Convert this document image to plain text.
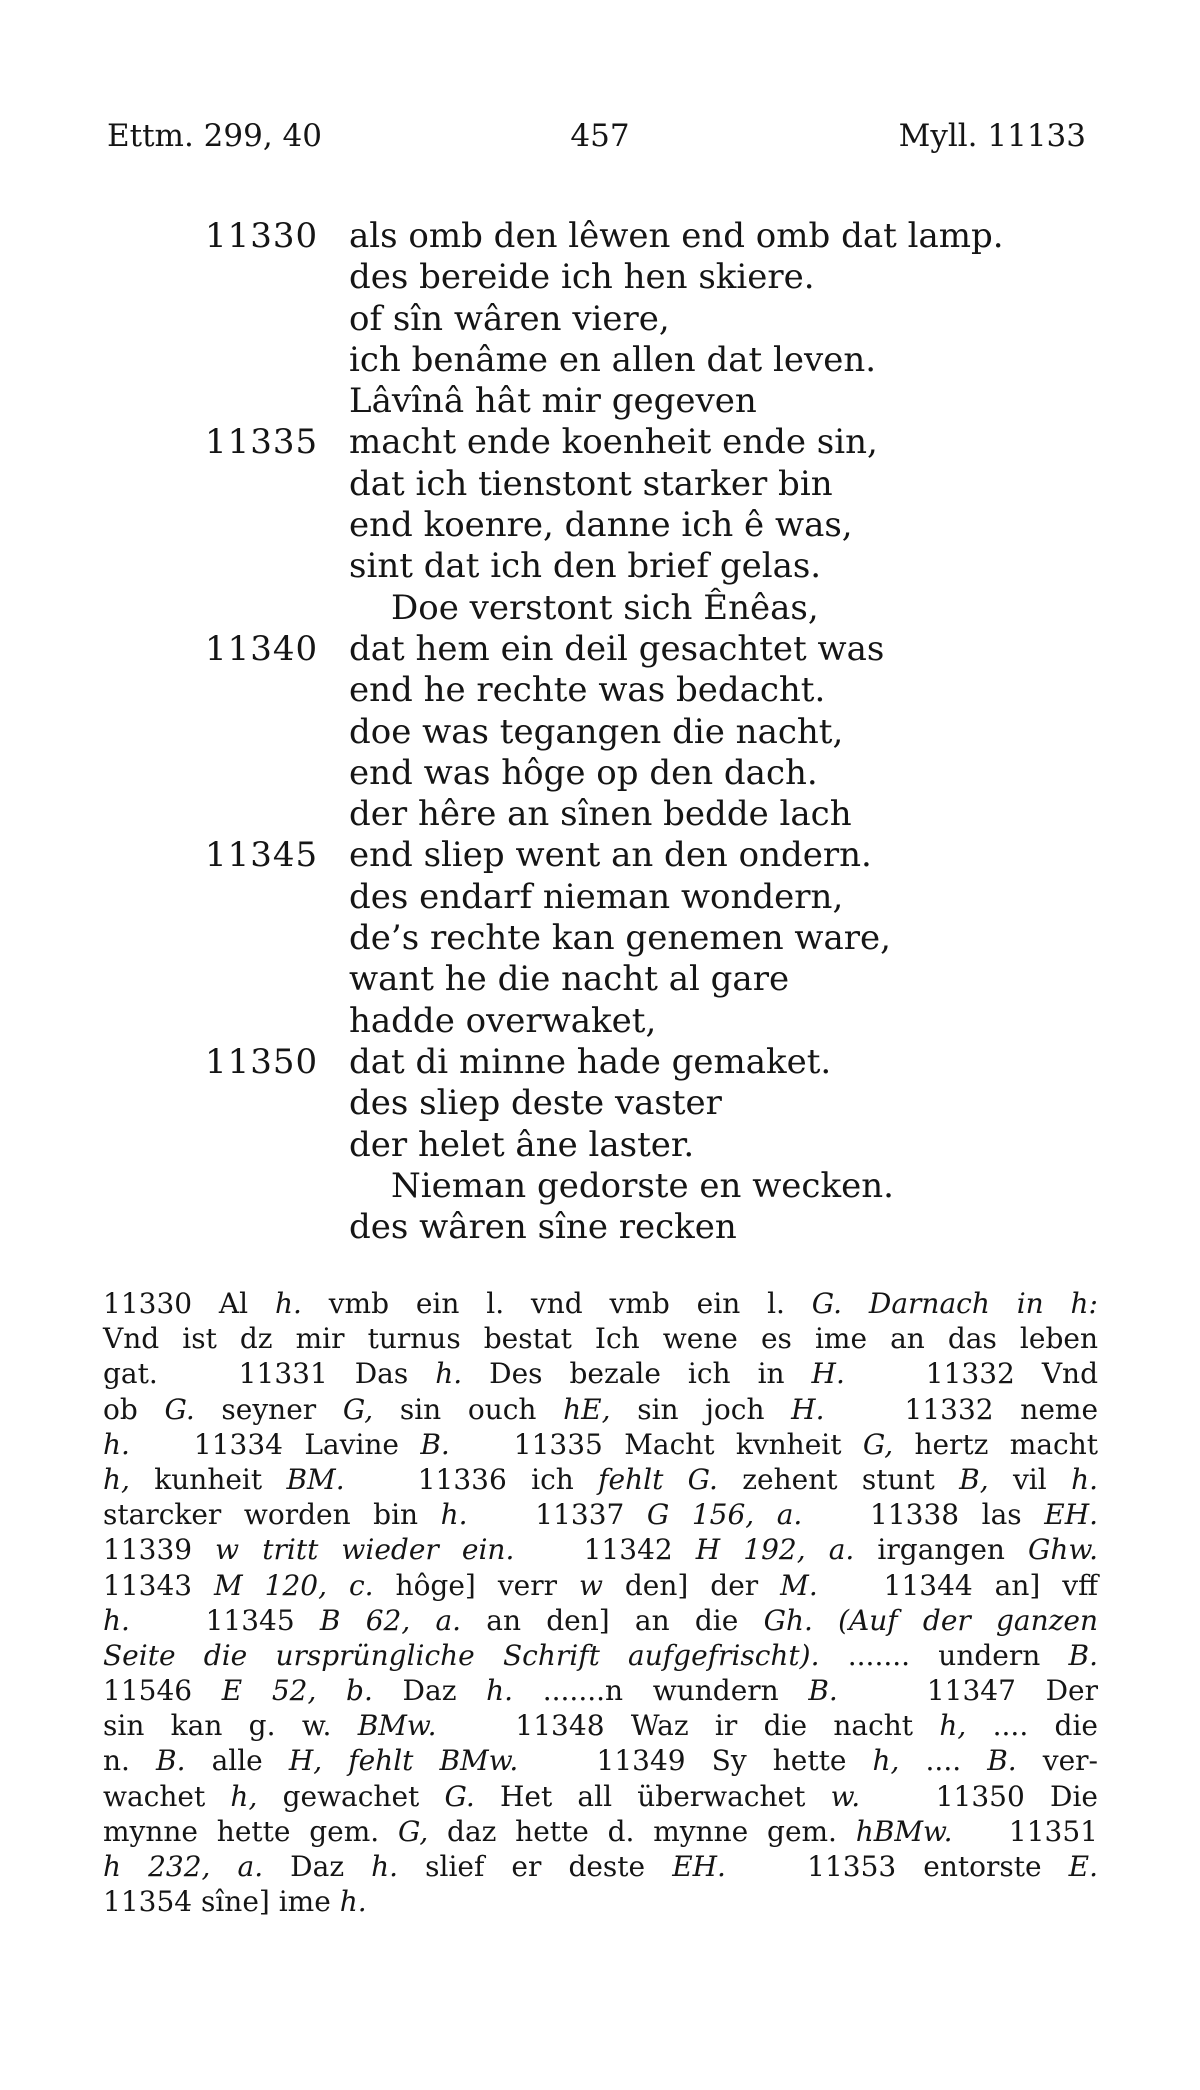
Ettm. 299, 40	457	Myll. 11133
11330 als omb den lêwen end omb dat lamp.
des bereide ich hen skiere.
of sîn wâren viere,
ich benâme en allen dat leven.
Lâvînâ hât mir gegeven
11335 macht ende koenheit ende sin,
dat ich tienstont starker bin
end koenre, danne ich ê was,
sint dat ich den brief gelas.
Doe verstont sich Ênêas,
11340 dat hem ein deil gesachtet was
end he rechte was bedacht.
doe was tegangen die nacht,
end was hôge op den dach.
der hêre an sînen bedde lach
11345 end sliep went an den ondern.
des endarf nieman wondern,
de’s rechte kan genemen ware,
want he die nacht al gare
hadde overwaket,
11350 dat di minne hade gemaket.
des sliep deste vaster
der helet âne laster.
Nieman gedorste en wecken.
des wâren sîne recken
11330 Al h. vmb ein l. vnd vmb ein l. G. Darnach in h:
Vnd ist dz mir turnus bestat Ich wene es ime an das leben
gat.   11331 Das h. Des bezale ich in H.   11332 Vnd
ob G. seyner G, sin ouch hE, sin joch H.   11332 neme
h.   11334 Lavine B.   11335 Macht kvnheit G, hertz macht
h, kunheit BM.   11336 ich fehlt G. zehent stunt B, vil h.
starcker worden bin h.   11337 G 156, a.   11338 las EH.
11339 w tritt wieder ein.   11342 H 192, a. irgangen Ghw.
11343 M 120, c. hôge] verr w den] der M.   11344 an] vff
h.   11345 B 62, a. an den] an die Gh. (Auf der ganzen
Seite die ursprüngliche Schrift aufgefrischt). ....... undern B.
11546 E 52, b. Daz h. .......n wundern B.   11347 Der
sin kan g. w. BMw.   11348 Waz ir die nacht h, .... die
n. B. alle H, fehlt BMw.   11349 Sy hette h, .... B. ver-
wachet h, gewachet G. Het all überwachet w.   11350 Die
mynne hette gem. G, daz hette d. mynne gem. hBMw.   11351
h 232, a. Daz h. slief er deste EH.   11353 entorste E.
11354 sîne] ime h.
